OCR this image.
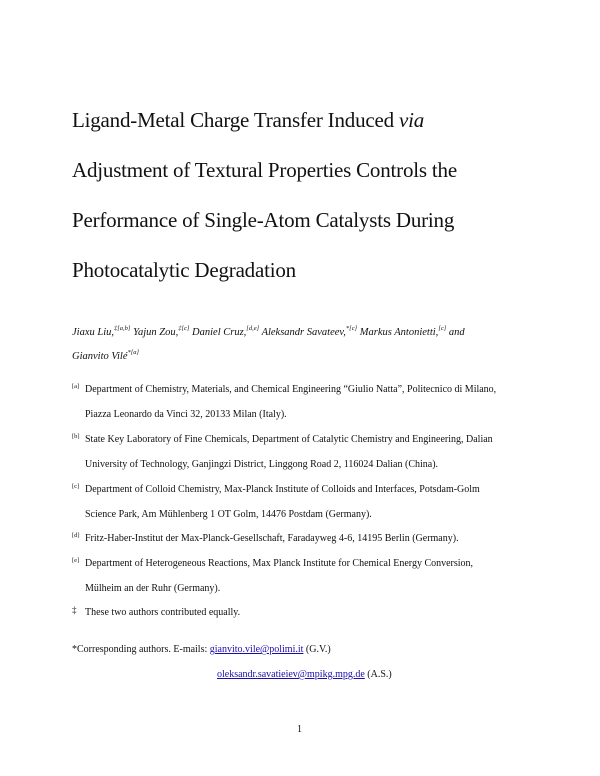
Ligand-Metal Charge Transfer Induced via
Adjustment of Textural Properties Controls the
Performance of Single-Atom Catalysts During
Photocatalytic Degradation
Jiaxu Liu,$^{\ddagger[a,b]}$ Yajun Zou,$^{\ddagger[c]}$ Daniel Cruz,[d,e] Aleksandr Savateev,$^{*[c]}$ Markus Antonietti,[c] and
Gianvito Vilé$^{*[a]}$
[a] Department of Chemistry, Materials, and Chemical Engineering “Giulio Natta”, Politecnico di Milano,
Piazza Leonardo da Vinci 32, 20133 Milan (Italy).
[b] State Key Laboratory of Fine Chemicals, Department of Catalytic Chemistry and Engineering, Dalian
University of Technology, Ganjingzi District, Linggong Road 2, 116024 Dalian (China).
[c] Department of Colloid Chemistry, Max-Planck Institute of Colloids and Interfaces, Potsdam-Golm
Science Park, Am Mühlenberg 1 OT Golm, 14476 Postdam (Germany).
[d] Fritz-Haber-Institut der Max-Planck-Gesellschaft, Faradayweg 4-6, 14195 Berlin (Germany).
[e] Department of Heterogeneous Reactions, Max Planck Institute for Chemical Energy Conversion,
Mülheim an der Ruhr (Germany).
‡ These two authors contributed equally.
*Corresponding authors. E-mails: gianvito.vile@polimi.it (G.V.)
oleksandr.savatieiev@mpikg.mpg.de (A.S.)
1
